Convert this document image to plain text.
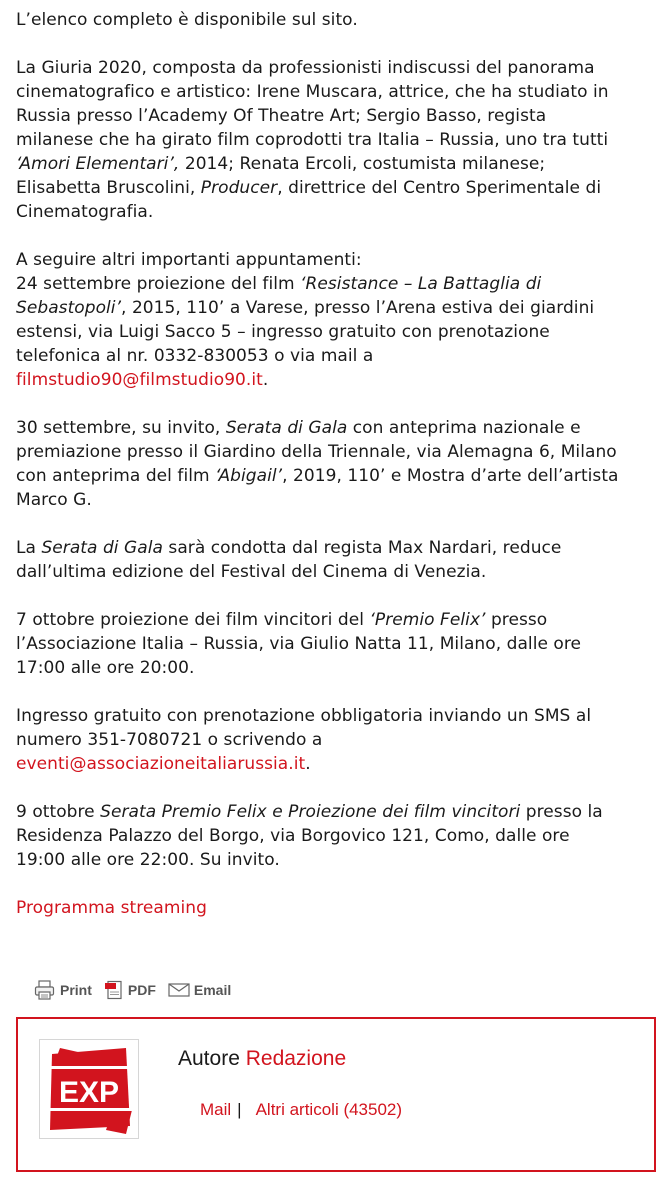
L’elenco completo è disponibile sul sito.

La Giuria 2020, composta da professionisti indiscussi del panorama

cinematografico e artistico: Irene Muscara, attrice, che ha studiato in

Russia presso l’Academy Of Theatre Art; Sergio Basso, regista

milanese che ha girato film coprodotti tra Italia – Russia, uno tra tutti

‘Amori Elementari’, 2014; Renata Ercoli, costumista milanese;

Elisabetta Bruscolini, Producer, direttrice del Centro Sperimentale di

Cinematografia.

A seguire altri importanti appuntamenti:

24 settembre proiezione del film ‘Resistance – La Battaglia di

Sebastopoli’, 2015, 110’ a Varese, presso l’Arena estiva dei giardini

estensi, via Luigi Sacco 5 – ingresso gratuito con prenotazione

telefonica al nr. 0332-830053 o via mail a

filmstudio90@filmstudio90.it.

30 settembre, su invito, Serata di Gala con anteprima nazionale e

premiazione presso il Giardino della Triennale, via Alemagna 6, Milano

con anteprima del film ‘Abigail’, 2019, 110’ e Mostra d’arte dell’artista

Marco G.

La Serata di Gala sarà condotta dal regista Max Nardari, reduce

dall’ultima edizione del Festival del Cinema di Venezia.

7 ottobre proiezione dei film vincitori del ‘Premio Felix’ presso

l’Associazione Italia – Russia, via Giulio Natta 11, Milano, dalle ore

17:00 alle ore 20:00.

Ingresso gratuito con prenotazione obbligatoria inviando un SMS al

numero 351-7080721 o scrivendo a

eventi@associazioneitaliarussia.it.

9 ottobre Serata Premio Felix e Proiezione dei film vincitori presso la

Residenza Palazzo del Borgo, via Borgovico 121, Como, dalle ore

19:00 alle ore 22:00. Su invito.

Programma streaming

Print	PDF	Email
EXP
Autore Redazione
Mail | Altri articoli (43502)
